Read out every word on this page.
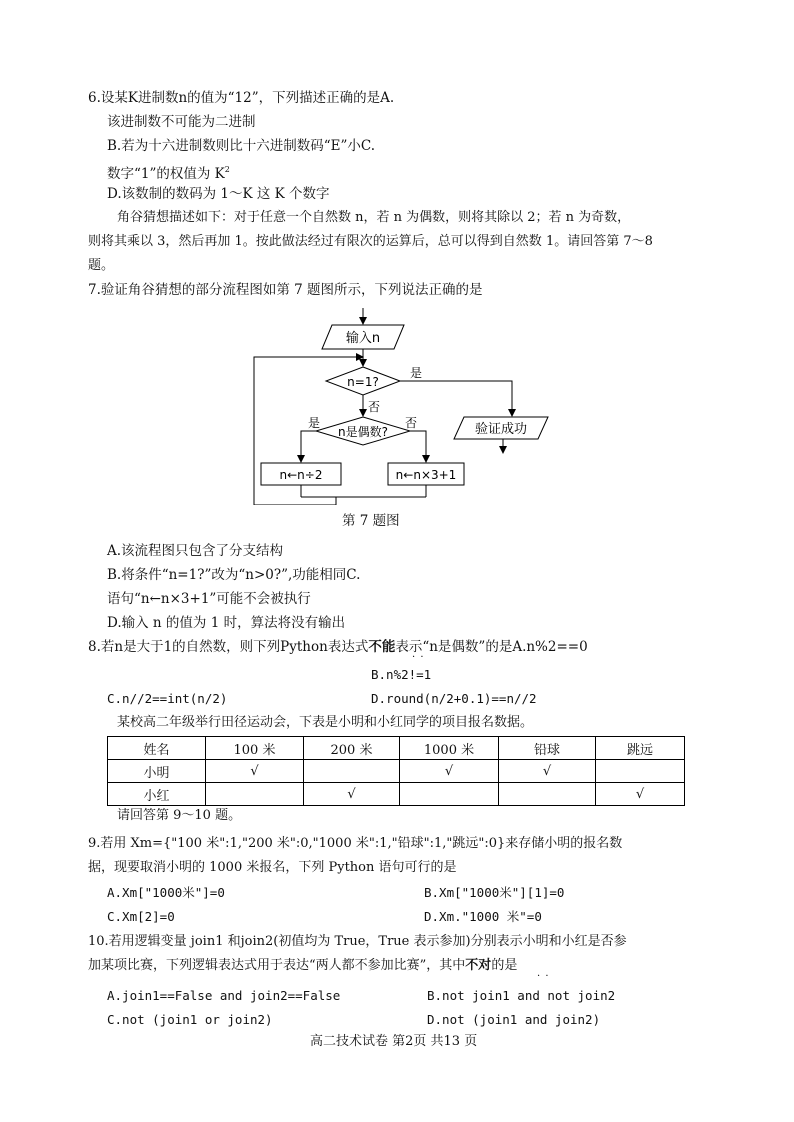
6.设某K进制数n的值为“12”，下列描述正确的是A.
该进制数不可能为二进制
B.若为十六进制数则比十六进制数码“E”小C.
数字“1”的权值为 $K^2$
D.该数制的数码为 1～K 这 K 个数字
角谷猜想描述如下：对于任意一个自然数 n，若 n 为偶数，则将其除以 2；若 n 为奇数，
则将其乘以 3，然后再加 1。按此做法经过有限次的运算后，总可以得到自然数 1。请回答第 7～8
题。
7.验证角谷猜想的部分流程图如第 7 题图所示，下列说法正确的是
输入n
n=1?
是
否
n是偶数?
是	否
n←n÷2	n←n×3+1
验证成功
第 7 题图
A.该流程图只包含了分支结构
B.将条件“n=1?”改为“n>0?”,功能相同C.
语句“n←n×3+1”可能不会被执行
D.输入 n 的值为 1 时，算法将没有输出
8.若n是大于1的自然数，则下列Python表达式不能表示“n是偶数”的是A.n%2==0
· ·
B.n%2!=1
C.n//2==int(n/2)	D.round(n/2+0.1)==n//2
某校高二年级举行田径运动会，下表是小明和小红同学的项目报名数据。
姓名	100 米	200 米	1000 米	铅球	跳远
小明	√		√	√	
小红		√			√
请回答第 9～10 题。
9.若用 Xm={"100 米":1,"200 米":0,"1000 米":1,"铅球":1,"跳远":0}来存储小明的报名数
据，现要取消小明的 1000 米报名，下列 Python 语句可行的是
A.Xm["1000米"]=0	B.Xm["1000米"][1]=0
C.Xm[2]=0	D.Xm."1000 米"=0
10.若用逻辑变量 join1 和join2(初值均为 True，True 表示参加)分别表示小明和小红是否参
加某项比赛，下列逻辑表达式用于表达“两人都不参加比赛”，其中不对的是
· ·
A.join1==False and join2==False	B.not join1 and not join2
C.not (join1 or join2)	D.not (join1 and join2)
高二技术试卷 第2页 共13 页
